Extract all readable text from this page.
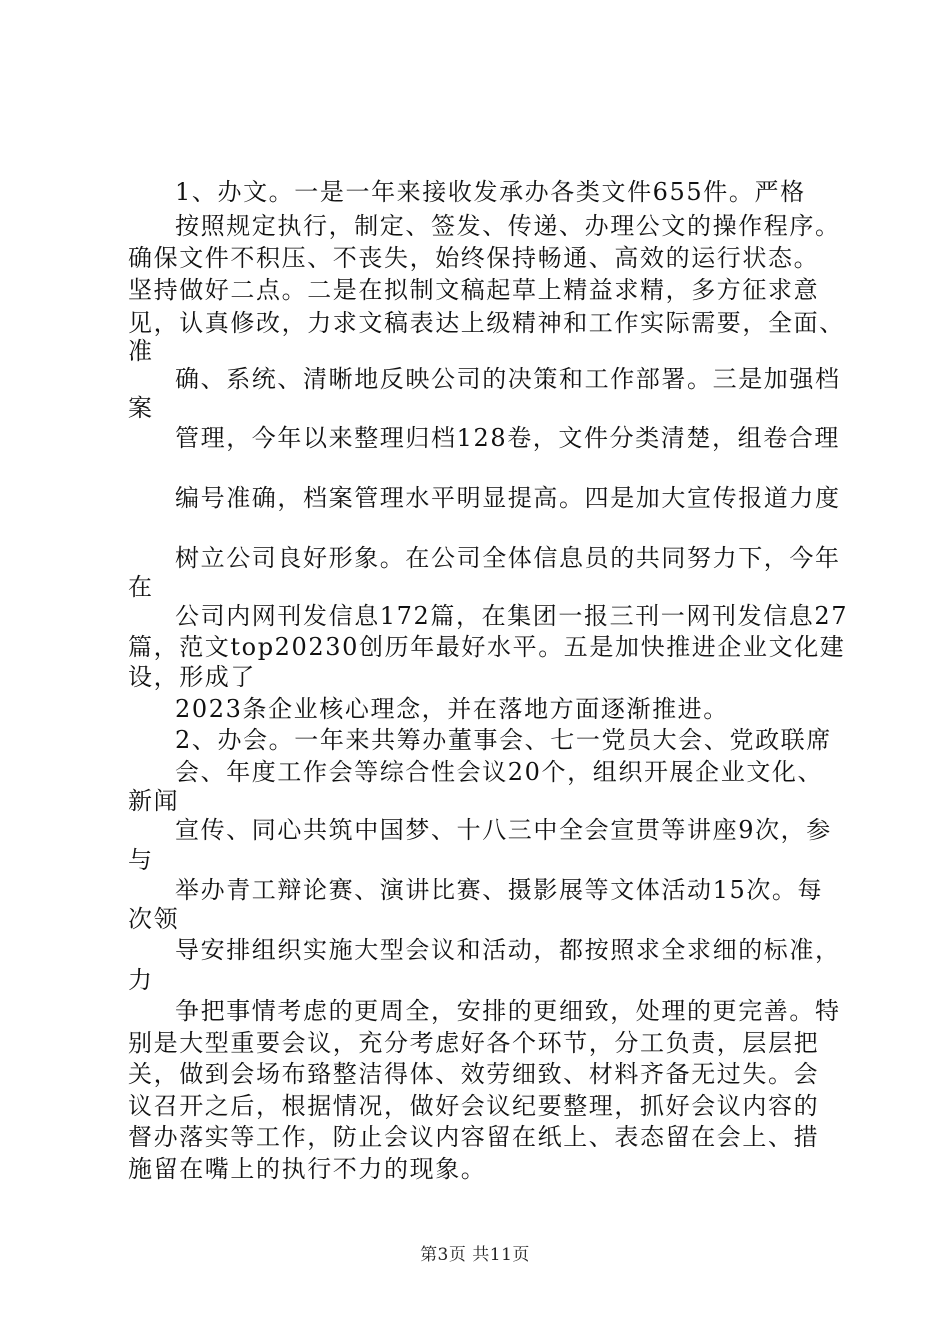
1、办文。一是一年来接收发承办各类文件655件。严格
按照规定执行，制定、签发、传递、办理公文的操作程序。
确保文件不积压、不丧失，始终保持畅通、高效的运行状态。
坚持做好二点。二是在拟制文稿起草上精益求精，多方征求意
见，认真修改，力求文稿表达上级精神和工作实际需要，全面、
准
确、系统、清晰地反映公司的决策和工作部署。三是加强档
案
管理，今年以来整理归档128卷，文件分类清楚，组卷合理
编号准确，档案管理水平明显提高。四是加大宣传报道力度
树立公司良好形象。在公司全体信息员的共同努力下，今年
在
公司内网刊发信息172篇，在集团一报三刊一网刊发信息27
篇，范文top20230创历年最好水平。五是加快推进企业文化建
设，形成了
2023条企业核心理念，并在落地方面逐渐推进。
2、办会。一年来共筹办董事会、七一党员大会、党政联席
会、年度工作会等综合性会议20个，组织开展企业文化、
新闻
宣传、同心共筑中国梦、十八三中全会宣贯等讲座9次，参
与
举办青工辩论赛、演讲比赛、摄影展等文体活动15次。每
次领
导安排组织实施大型会议和活动，都按照求全求细的标准，
力
争把事情考虑的更周全，安排的更细致，处理的更完善。特
别是大型重要会议，充分考虑好各个环节，分工负责，层层把
关，做到会场布臵整洁得体、效劳细致、材料齐备无过失。会
议召开之后，根据情况，做好会议纪要整理，抓好会议内容的
督办落实等工作，防止会议内容留在纸上、表态留在会上、措
施留在嘴上的执行不力的现象。
第3页 共11页
